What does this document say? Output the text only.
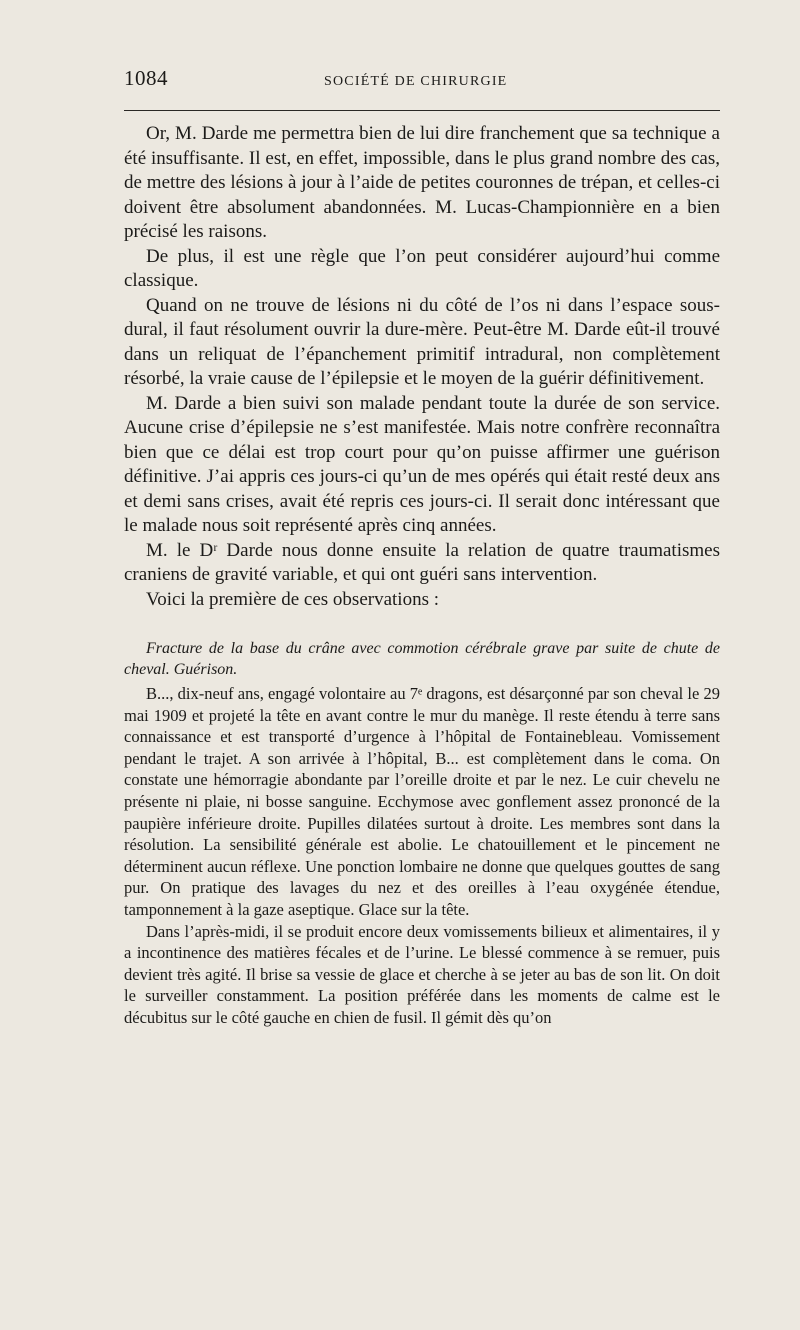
1084	SOCIÉTÉ DE CHIRURGIE

Or, M. Darde me permettra bien de lui dire franchement que sa technique a été insuffisante. Il est, en effet, impossible, dans le plus grand nombre des cas, de mettre des lésions à jour à l’aide de petites couronnes de trépan, et celles-ci doivent être absolument abandonnées. M. Lucas-Championnière en a bien précisé les raisons.

De plus, il est une règle que l’on peut considérer aujourd’hui comme classique.

Quand on ne trouve de lésions ni du côté de l’os ni dans l’espace sous-dural, il faut résolument ouvrir la dure-mère. Peut-être M. Darde eût-il trouvé dans un reliquat de l’épanchement primitif intradural, non complètement résorbé, la vraie cause de l’épilepsie et le moyen de la guérir définitivement.

M. Darde a bien suivi son malade pendant toute la durée de son service. Aucune crise d’épilepsie ne s’est manifestée. Mais notre confrère reconnaîtra bien que ce délai est trop court pour qu’on puisse affirmer une guérison définitive. J’ai appris ces jours-ci qu’un de mes opérés qui était resté deux ans et demi sans crises, avait été repris ces jours-ci. Il serait donc intéressant que le malade nous soit représenté après cinq années.

M. le Dʳ Darde nous donne ensuite la relation de quatre traumatismes craniens de gravité variable, et qui ont guéri sans intervention.

Voici la première de ces observations :

Fracture de la base du crâne avec commotion cérébrale grave par suite de chute de cheval. Guérison.

B..., dix-neuf ans, engagé volontaire au 7ᵉ dragons, est désarçonné par son cheval le 29 mai 1909 et projeté la tête en avant contre le mur du manège. Il reste étendu à terre sans connaissance et est transporté d’urgence à l’hôpital de Fontainebleau. Vomissement pendant le trajet. A son arrivée à l’hôpital, B... est complètement dans le coma. On constate une hémorragie abondante par l’oreille droite et par le nez. Le cuir chevelu ne présente ni plaie, ni bosse sanguine. Ecchymose avec gonflement assez prononcé de la paupière inférieure droite. Pupilles dilatées surtout à droite. Les membres sont dans la résolution. La sensibilité générale est abolie. Le chatouillement et le pincement ne déterminent aucun réflexe. Une ponction lombaire ne donne que quelques gouttes de sang pur. On pratique des lavages du nez et des oreilles à l’eau oxygénée étendue, tamponnement à la gaze aseptique. Glace sur la tête.

Dans l’après-midi, il se produit encore deux vomissements bilieux et alimentaires, il y a incontinence des matières fécales et de l’urine. Le blessé commence à se remuer, puis devient très agité. Il brise sa vessie de glace et cherche à se jeter au bas de son lit. On doit le surveiller constamment. La position préférée dans les moments de calme est le décubitus sur le côté gauche en chien de fusil. Il gémit dès qu’on
